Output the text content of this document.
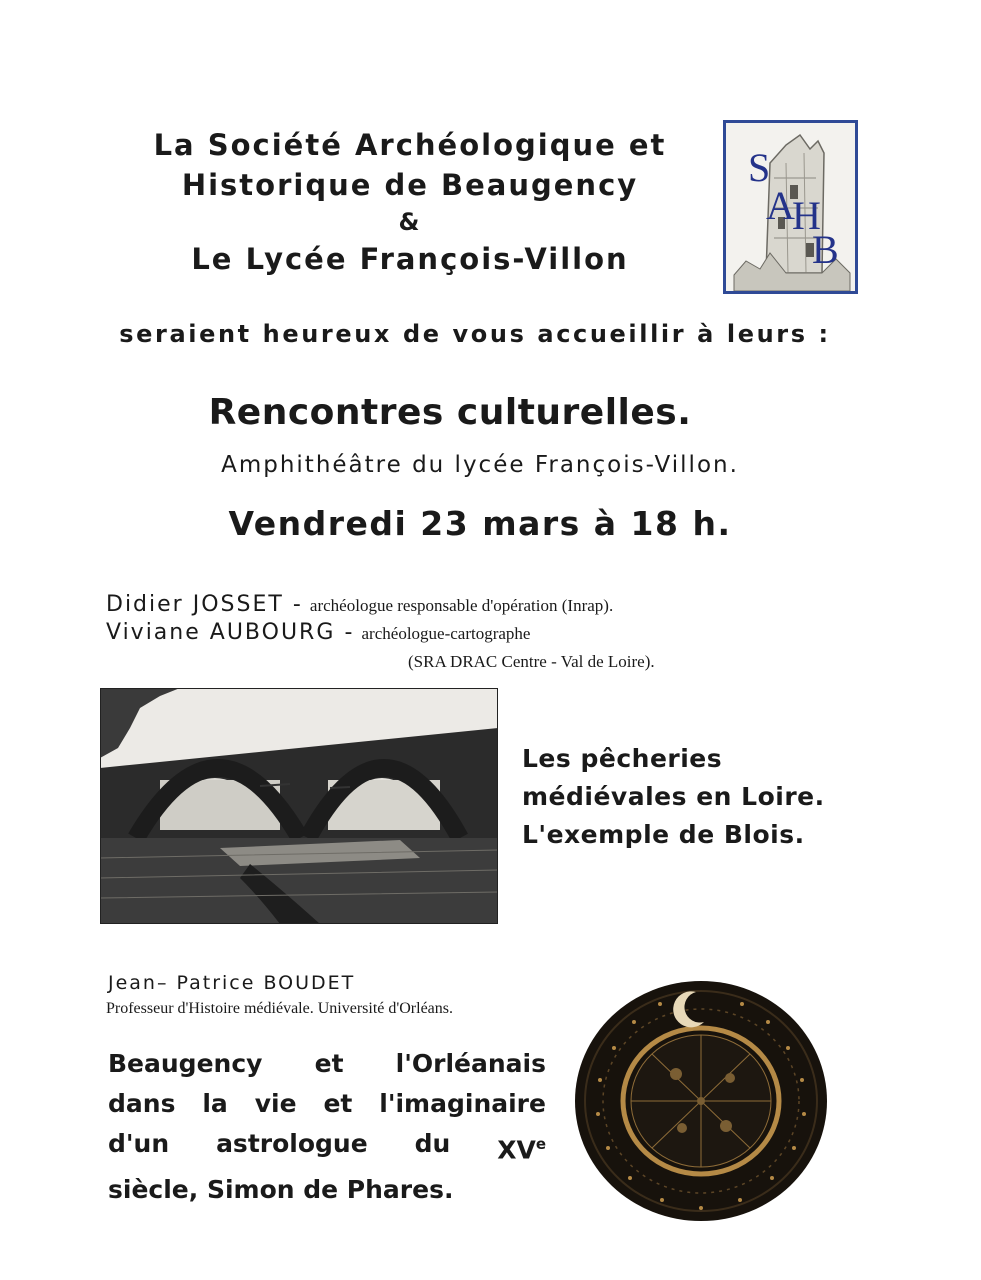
La Société Archéologique et
Historique de Beaugency
&
Le Lycée François-Villon
S
A
H
B
seraient heureux de vous accueillir à leurs :
Rencontres culturelles.
Amphithéâtre du lycée François-Villon.
Vendredi 23 mars à 18 h.
Didier JOSSET - archéologue responsable d'opération (Inrap).
Viviane AUBOURG - archéologue-cartographe
(SRA DRAC Centre - Val de Loire).
Les pêcheries
médiévales en Loire.
L'exemple de Blois.
Jean– Patrice BOUDET
Professeur d'Histoire médiévale. Université d'Orléans.
Beaugency et l'Orléanais
dans la vie et l'imaginaire
d'un astrologue du XVe
siècle, Simon de Phares.
